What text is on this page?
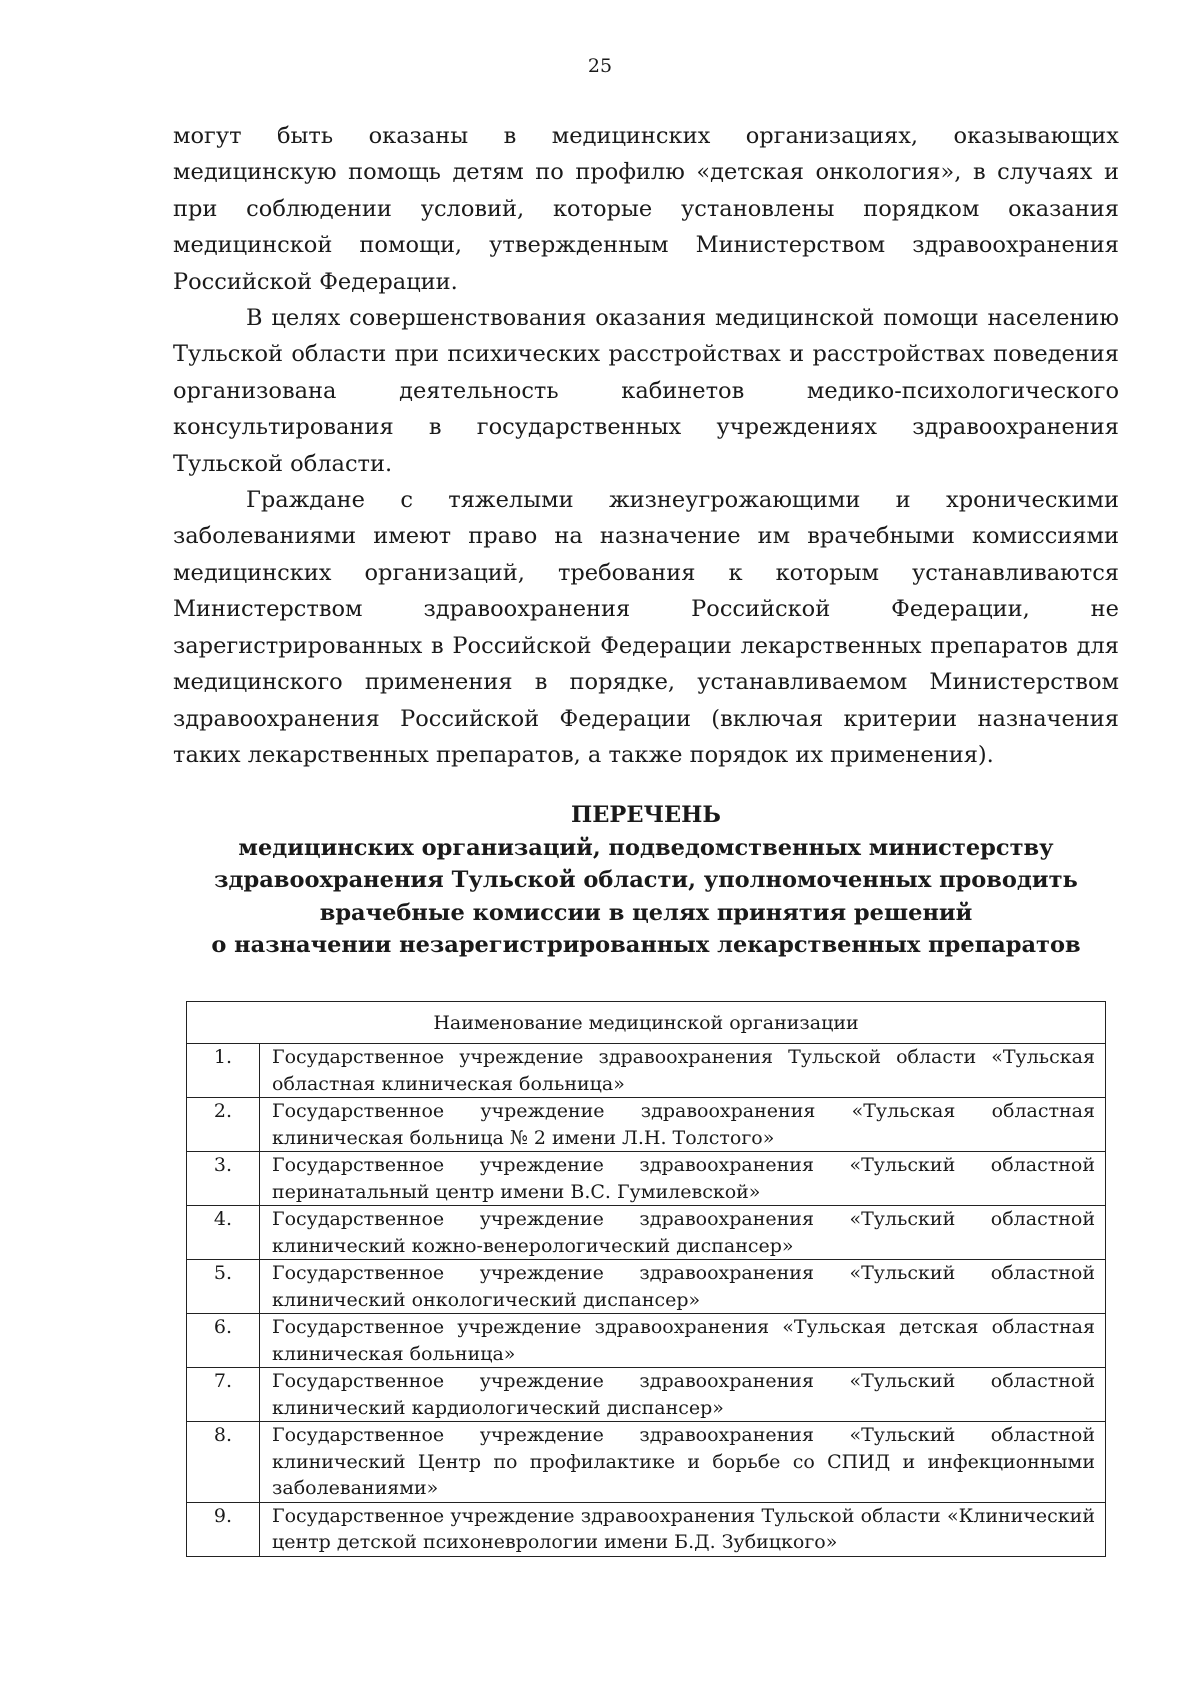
25

могут быть оказаны в медицинских организациях, оказывающих медицинскую помощь детям по профилю «детская онкология», в случаях и при соблюдении условий, которые установлены порядком оказания медицинской помощи, утвержденным Министерством здравоохранения Российской Федерации.

В целях совершенствования оказания медицинской помощи населению Тульской области при психических расстройствах и расстройствах поведения организована деятельность кабинетов медико-психологического консультирования в государственных учреждениях здравоохранения Тульской области.

Граждане с тяжелыми жизнеугрожающими и хроническими заболеваниями имеют право на назначение им врачебными комиссиями медицинских организаций, требования к которым устанавливаются Министерством здравоохранения Российской Федерации, не зарегистрированных в Российской Федерации лекарственных препаратов для медицинского применения в порядке, устанавливаемом Министерством здравоохранения Российской Федерации (включая критерии назначения таких лекарственных препаратов, а также порядок их применения).

ПЕРЕЧЕНЬ
медицинских организаций, подведомственных министерству
здравоохранения Тульской области, уполномоченных проводить
врачебные комиссии в целях принятия решений
о назначении незарегистрированных лекарственных препаратов
Наименование медицинской организации	
1.	Государственное учреждение здравоохранения Тульской области «Тульская областная клиническая больница»
2.	Государственное учреждение здравоохранения «Тульская областная клиническая больница № 2 имени Л.Н. Толстого»
3.	Государственное учреждение здравоохранения «Тульский областной перинатальный центр имени В.С. Гумилевской»
4.	Государственное учреждение здравоохранения «Тульский областной клинический кожно-венерологический диспансер»
5.	Государственное учреждение здравоохранения «Тульский областной клинический онкологический диспансер»
6.	Государственное учреждение здравоохранения «Тульская детская областная клиническая больница»
7.	Государственное учреждение здравоохранения «Тульский областной клинический кардиологический диспансер»
8.	Государственное учреждение здравоохранения «Тульский областной клинический Центр по профилактике и борьбе со СПИД и инфекционными заболеваниями»
9.	Государственное учреждение здравоохранения Тульской области «Клинический центр детской психоневрологии имени Б.Д. Зубицкого»
